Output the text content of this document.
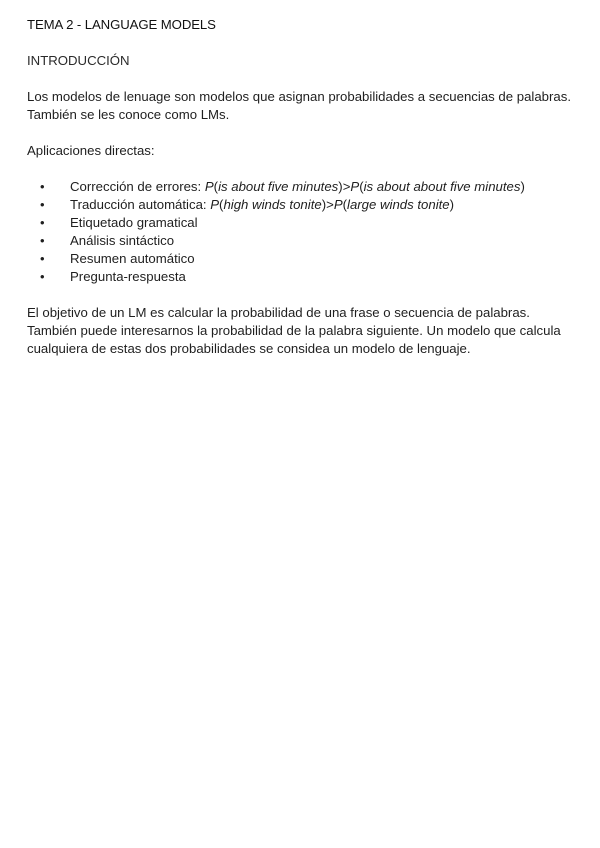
TEMA 2 - LANGUAGE MODELS
INTRODUCCIÓN

Los modelos de lenuage son modelos que asignan probabilidades a secuencias de palabras. También se les conoce como LMs.

Aplicaciones directas:

• Corrección de errores: P(is about five minutes)>P(is about about five minutes)
• Traducción automática: P(high winds tonite)>P(large winds tonite)
• Etiquetado gramatical
• Análisis sintáctico
• Resumen automático
• Pregunta-respuesta

El objetivo de un LM es calcular la probabilidad de una frase o secuencia de palabras. También puede interesarnos la probabilidad de la palabra siguiente. Un modelo que calcula cualquiera de estas dos probabilidades se considea un modelo de lenguaje.
